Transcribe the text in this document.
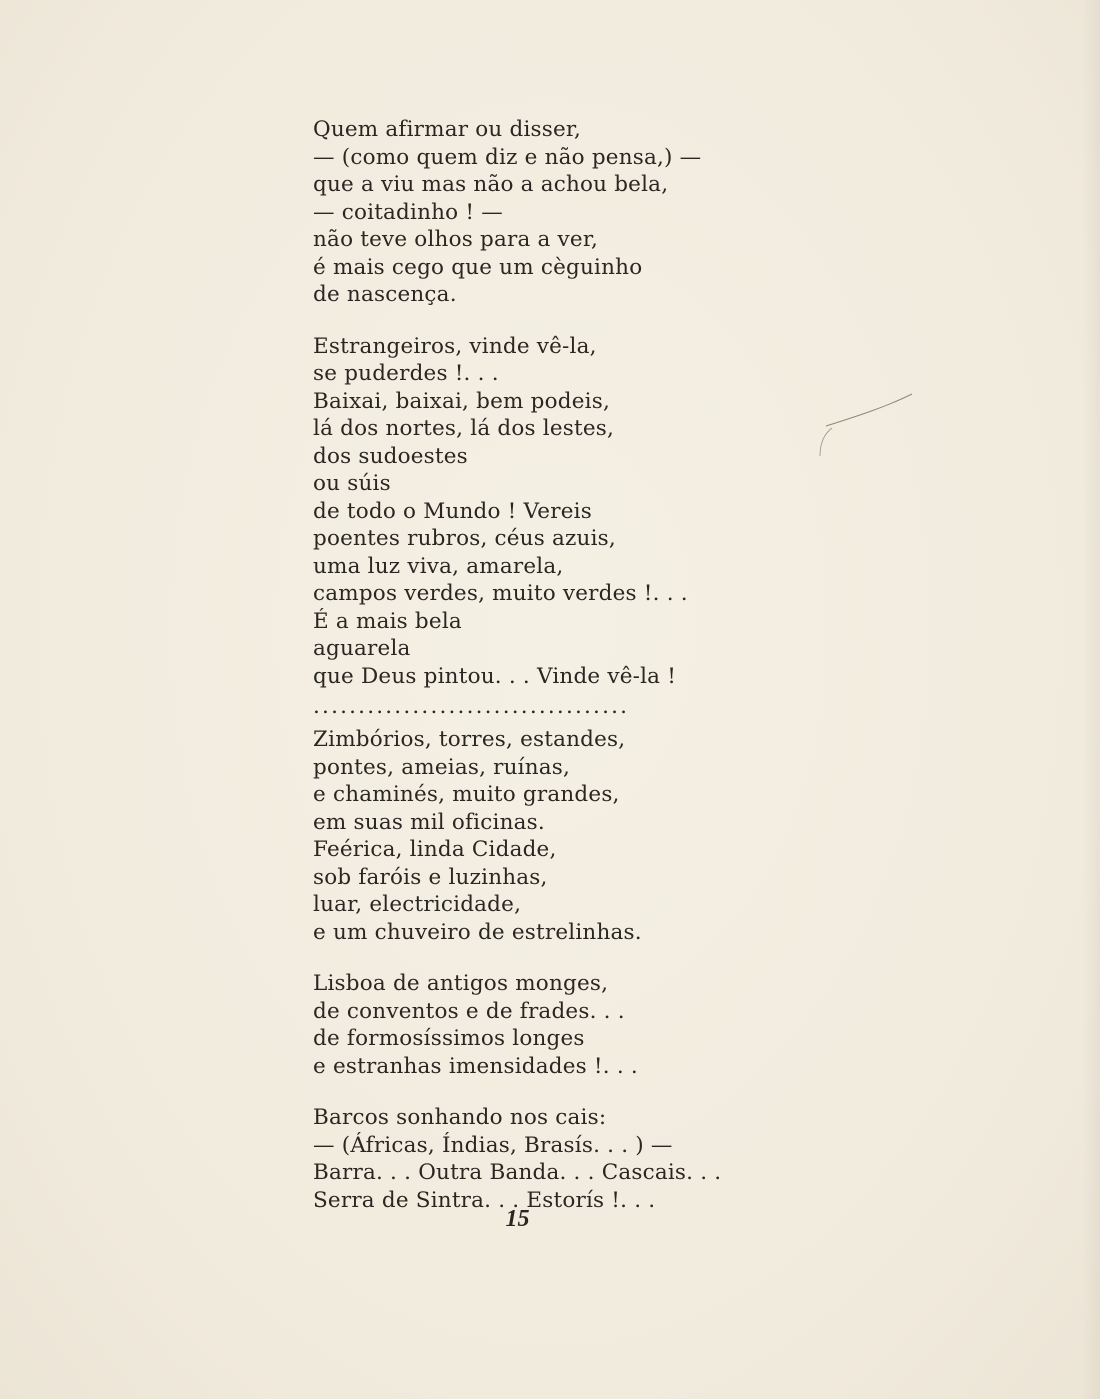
Quem afirmar ou disser,
— (como quem diz e não pensa,) —
que a viu mas não a achou bela,
— coitadinho ! —
não teve olhos para a ver,
é mais cego que um cèguinho
de nascença.
Estrangeiros, vinde vê-la,
se puderdes !. . .
Baixai, baixai, bem podeis,
lá dos nortes, lá dos lestes,
dos sudoestes
ou súis
de todo o Mundo ! Vereis
poentes rubros, céus azuis,
uma luz viva, amarela,
campos verdes, muito verdes !. . .
É a mais bela
aguarela
que Deus pintou. . . Vinde vê-la !
...................................
Zimbórios, torres, estandes,
pontes, ameias, ruínas,
e chaminés, muito grandes,
em suas mil oficinas.
Feérica, linda Cidade,
sob faróis e luzinhas,
luar, electricidade,
e um chuveiro de estrelinhas.
Lisboa de antigos monges,
de conventos e de frades. . .
de formosíssimos longes
e estranhas imensidades !. . .
Barcos sonhando nos cais:
— (Áfricas, Índias, Brasís. . . ) —
Barra. . . Outra Banda. . . Cascais. . .
Serra de Sintra. . . Estorís !. . .
15
